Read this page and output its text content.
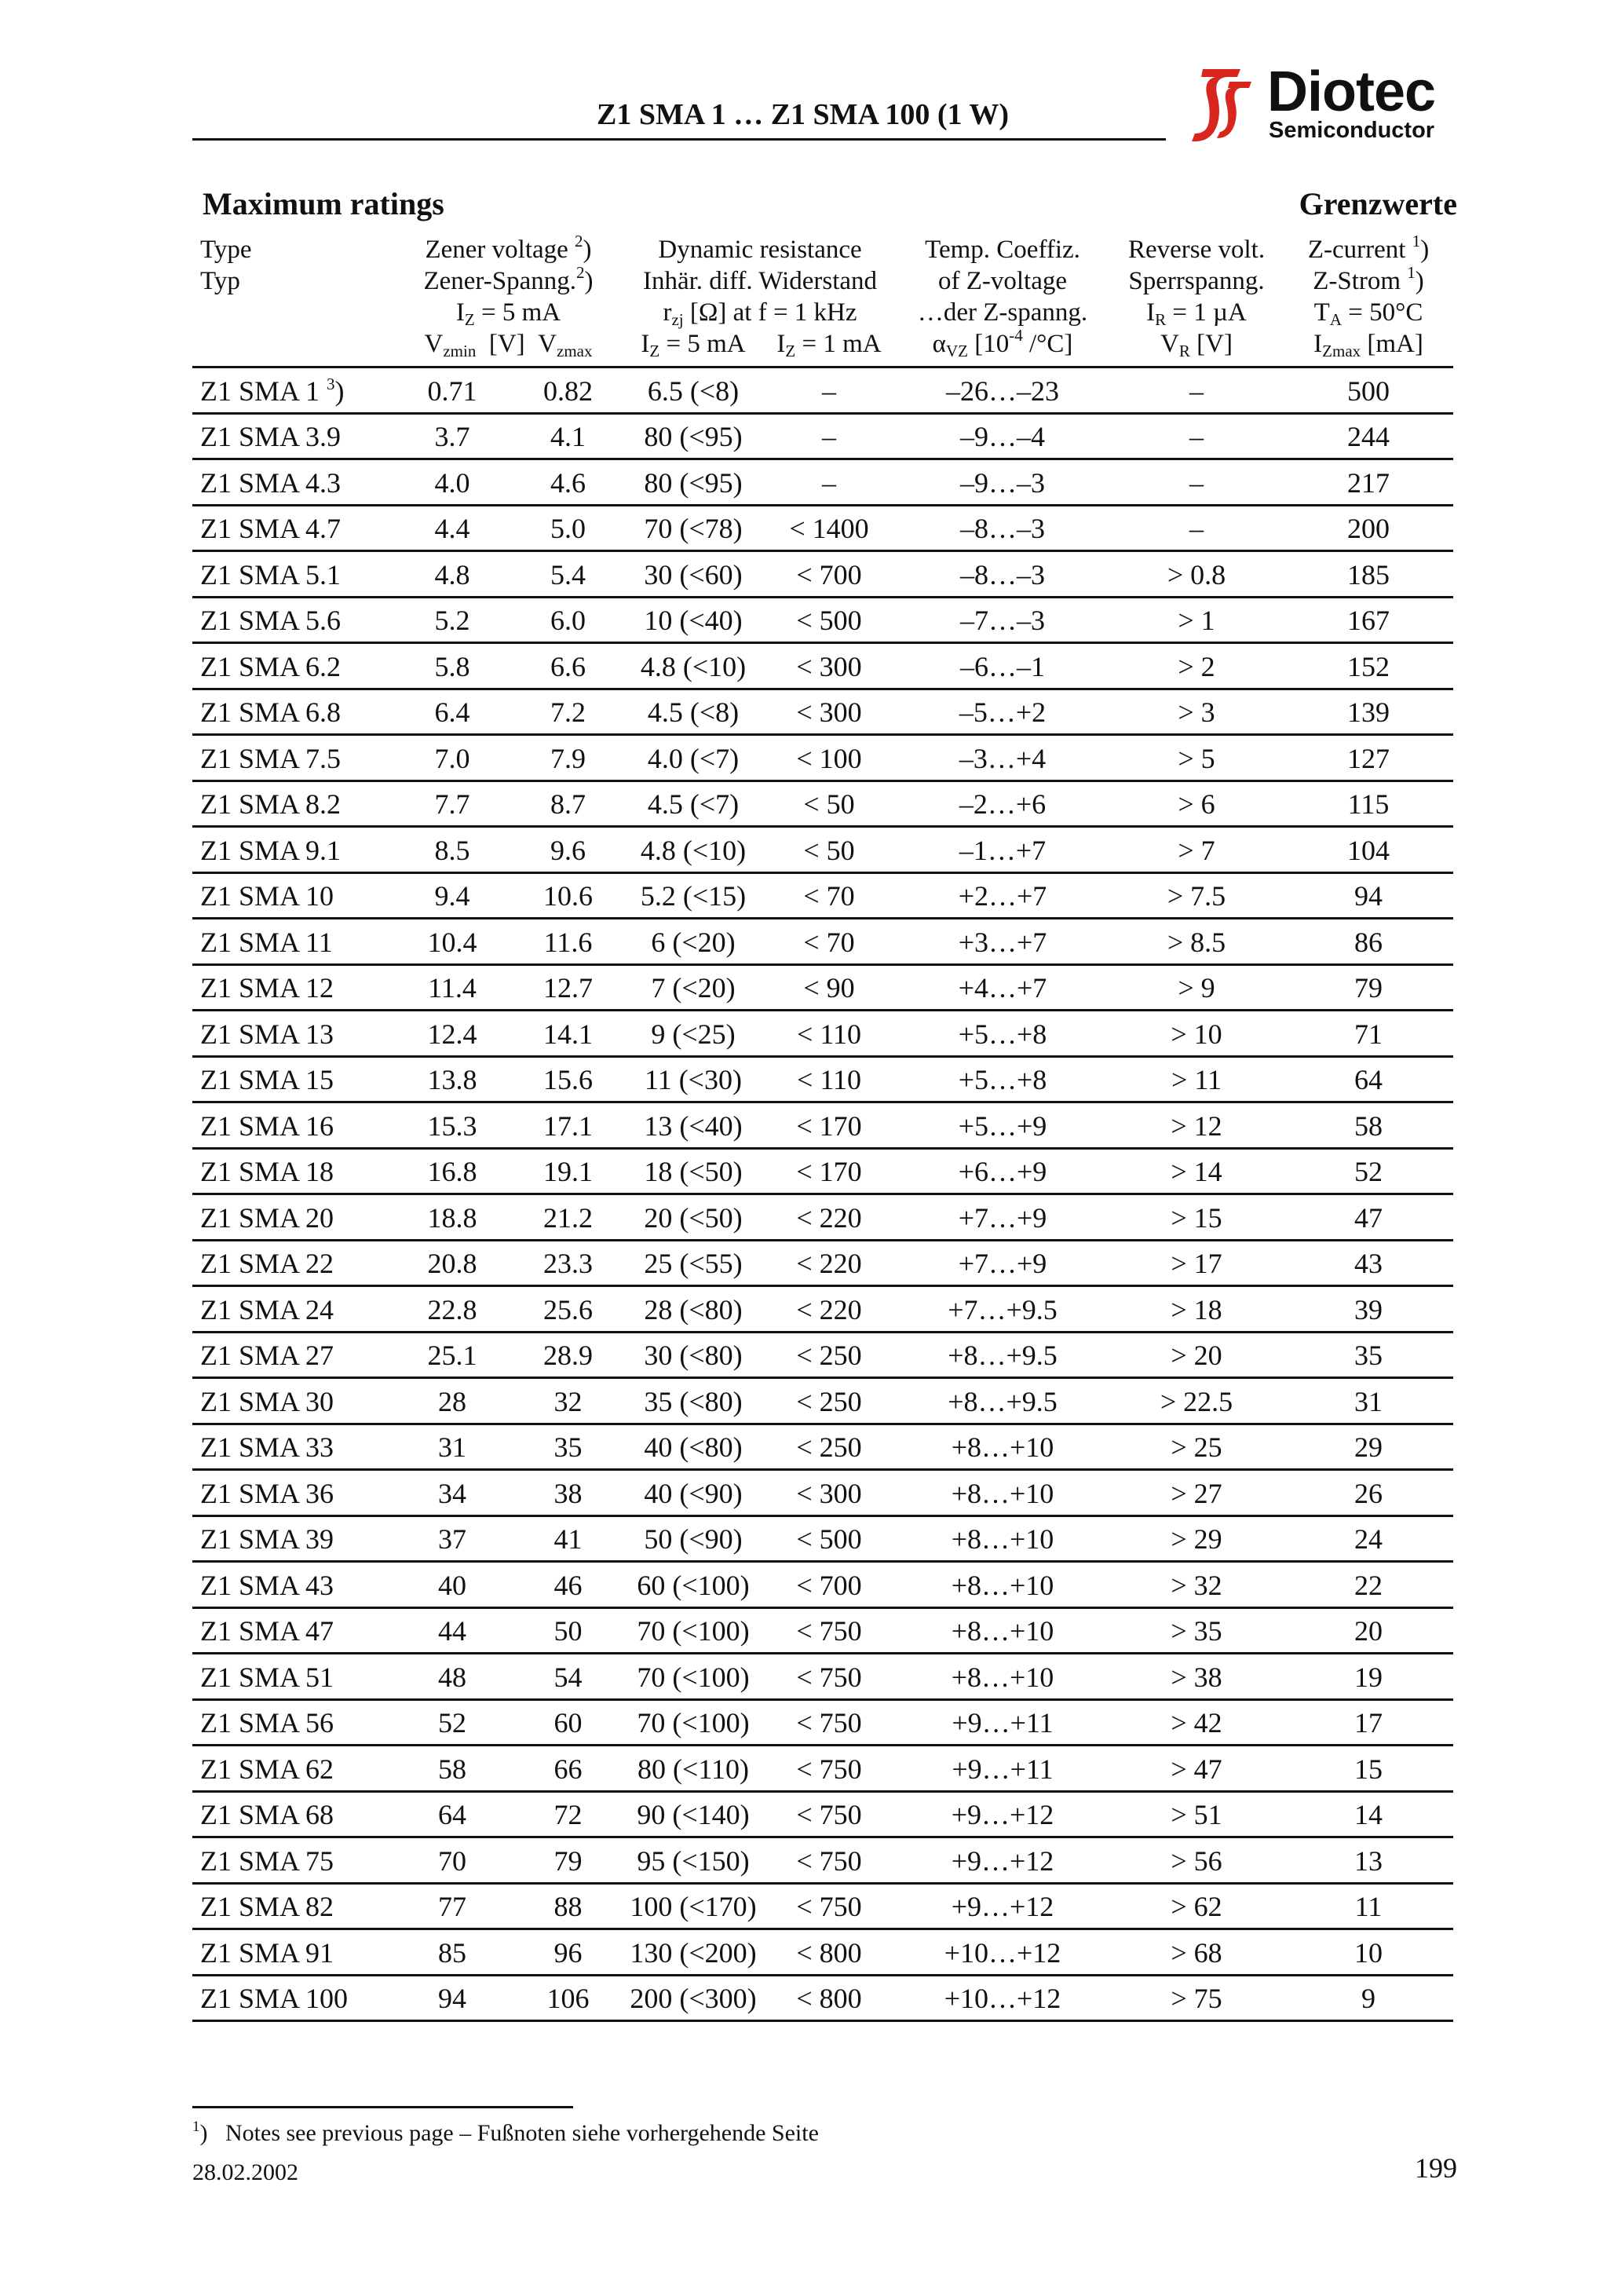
Z1 SMA 1 … Z1 SMA 100 (1 W)	Diotec
Semiconductor
Maximum ratings	Grenzwerte
Type	Zener voltage $^2$)		Dynamic resistance		Temp. Coeffiz.	Reverse volt.	Z-current $^1$)
Typ	Zener-Spanng.$^2$)		Inhär. diff. Widerstand		of Z-voltage	Sperrspanng.	Z-Strom $^1$)
	$I_Z = 5$ mA		$r_{zj}$ [Ω] at f = 1 kHz		…der Z-spanng.	$I_R = 1$ µA	$T_A = 50^\circ C$
	$V_{zmin}$ [V] $V_{zmax}$		$I_Z = 5$ mA	$I_Z = 1$ mA	$\alpha_{VZ}$ [$10^{-4}$ /°C]	$V_R$ [V]	$I_{Zmax}$ [mA]
Z1 SMA 1 $^3$)	0.71	0.82	6.5 (<8)	–	–26…–23	–	500
Z1 SMA 3.9	3.7	4.1	80 (<95)	–	–9…–4	–	244
Z1 SMA 4.3	4.0	4.6	80 (<95)	–	–9…–3	–	217
Z1 SMA 4.7	4.4	5.0	70 (<78)	< 1400	–8…–3	–	200
Z1 SMA 5.1	4.8	5.4	30 (<60)	< 700	–8…–3	> 0.8	185
Z1 SMA 5.6	5.2	6.0	10 (<40)	< 500	–7…–3	> 1	167
Z1 SMA 6.2	5.8	6.6	4.8 (<10)	< 300	–6…–1	> 2	152
Z1 SMA 6.8	6.4	7.2	4.5 (<8)	< 300	–5…+2	> 3	139
Z1 SMA 7.5	7.0	7.9	4.0 (<7)	< 100	–3…+4	> 5	127
Z1 SMA 8.2	7.7	8.7	4.5 (<7)	< 50	–2…+6	> 6	115
Z1 SMA 9.1	8.5	9.6	4.8 (<10)	< 50	–1…+7	> 7	104
Z1 SMA 10	9.4	10.6	5.2 (<15)	< 70	+2…+7	> 7.5	94
Z1 SMA 11	10.4	11.6	6 (<20)	< 70	+3…+7	> 8.5	86
Z1 SMA 12	11.4	12.7	7 (<20)	< 90	+4…+7	> 9	79
Z1 SMA 13	12.4	14.1	9 (<25)	< 110	+5…+8	> 10	71
Z1 SMA 15	13.8	15.6	11 (<30)	< 110	+5…+8	> 11	64
Z1 SMA 16	15.3	17.1	13 (<40)	< 170	+5…+9	> 12	58
Z1 SMA 18	16.8	19.1	18 (<50)	< 170	+6…+9	> 14	52
Z1 SMA 20	18.8	21.2	20 (<50)	< 220	+7…+9	> 15	47
Z1 SMA 22	20.8	23.3	25 (<55)	< 220	+7…+9	> 17	43
Z1 SMA 24	22.8	25.6	28 (<80)	< 220	+7…+9.5	> 18	39
Z1 SMA 27	25.1	28.9	30 (<80)	< 250	+8…+9.5	> 20	35
Z1 SMA 30	28	32	35 (<80)	< 250	+8…+9.5	> 22.5	31
Z1 SMA 33	31	35	40 (<80)	< 250	+8…+10	> 25	29
Z1 SMA 36	34	38	40 (<90)	< 300	+8…+10	> 27	26
Z1 SMA 39	37	41	50 (<90)	< 500	+8…+10	> 29	24
Z1 SMA 43	40	46	60 (<100)	< 700	+8…+10	> 32	22
Z1 SMA 47	44	50	70 (<100)	< 750	+8…+10	> 35	20
Z1 SMA 51	48	54	70 (<100)	< 750	+8…+10	> 38	19
Z1 SMA 56	52	60	70 (<100)	< 750	+9…+11	> 42	17
Z1 SMA 62	58	66	80 (<110)	< 750	+9…+11	> 47	15
Z1 SMA 68	64	72	90 (<140)	< 750	+9…+12	> 51	14
Z1 SMA 75	70	79	95 (<150)	< 750	+9…+12	> 56	13
Z1 SMA 82	77	88	100 (<170)	< 750	+9…+12	> 62	11
Z1 SMA 91	85	96	130 (<200)	< 800	+10…+12	> 68	10
Z1 SMA 100	94	106	200 (<300)	< 800	+10…+12	> 75	9
$^1$)   Notes see previous page – Fußnoten siehe vorhergehende Seite
28.02.2002	199
